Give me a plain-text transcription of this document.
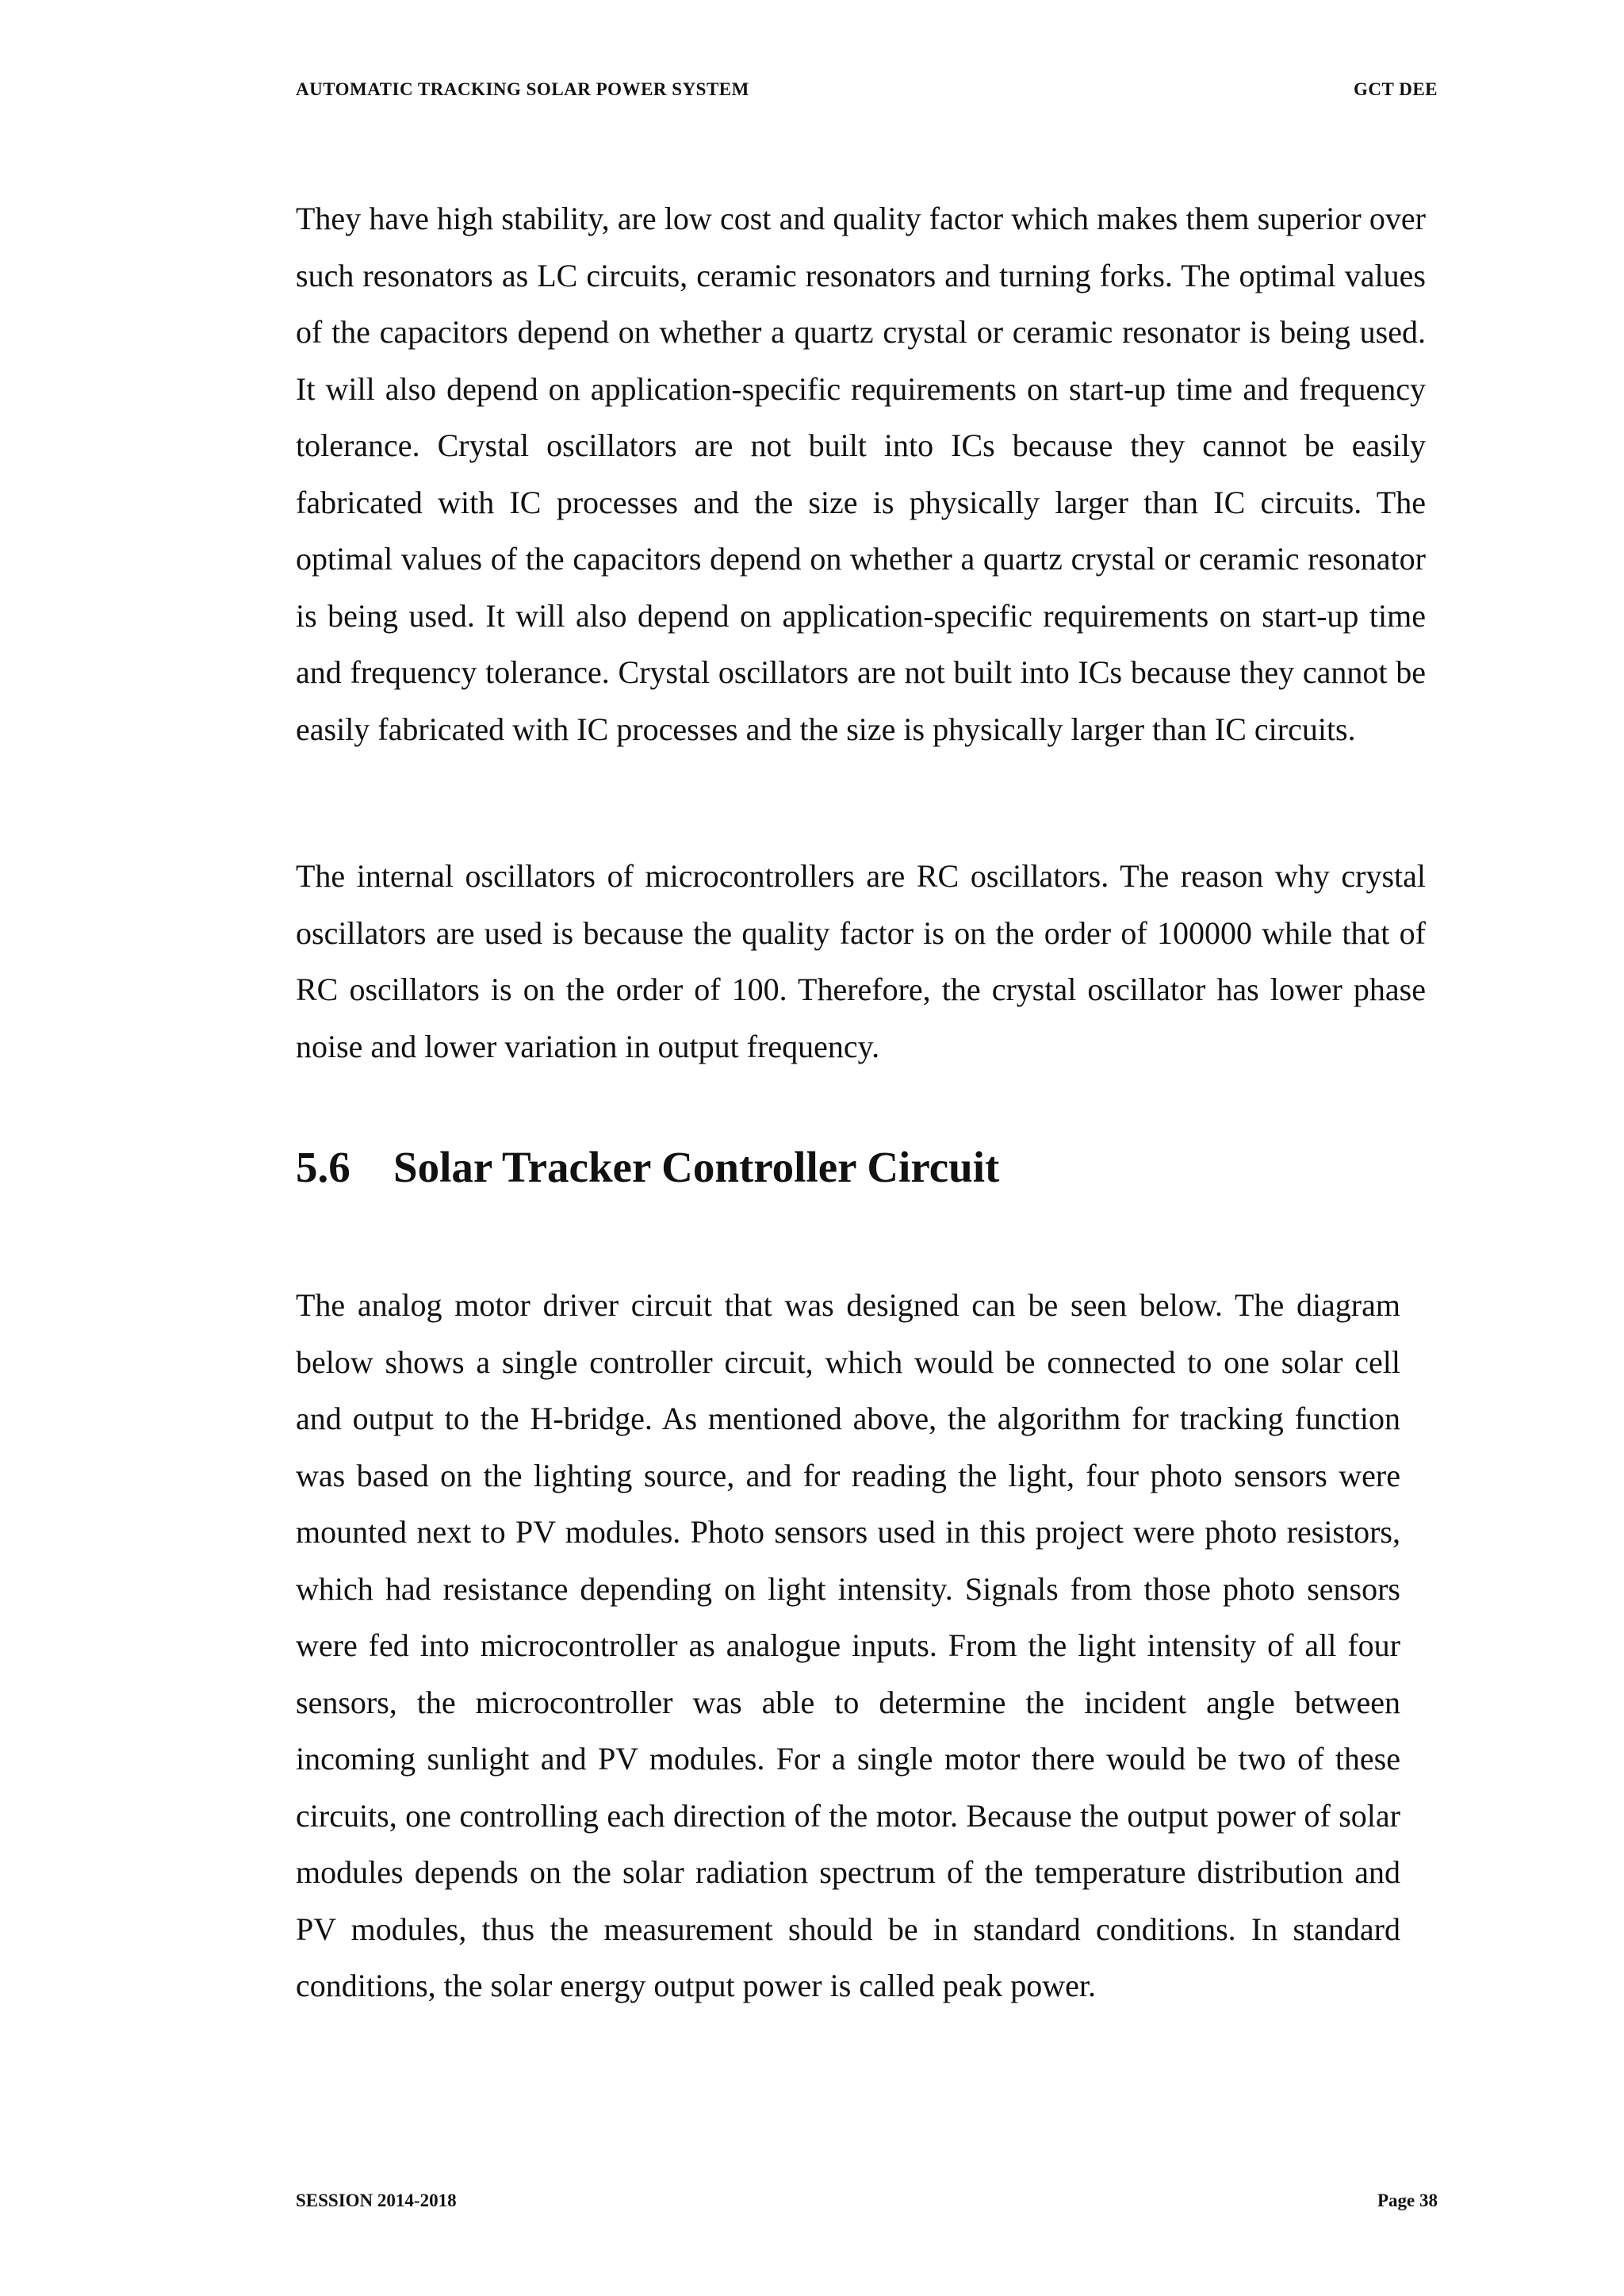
AUTOMATIC TRACKING SOLAR POWER SYSTEM	GCT DEE

They have high stability, are low cost and quality factor which makes them superior over such resonators as LC circuits, ceramic resonators and turning forks. The optimal values of the capacitors depend on whether a quartz crystal or ceramic resonator is being used. It will also depend on application-specific requirements on start-up time and frequency tolerance. Crystal oscillators are not built into ICs because they cannot be easily fabricated with IC processes and the size is physically larger than IC circuits. The optimal values of the capacitors depend on whether a quartz crystal or ceramic resonator is being used. It will also depend on application-specific requirements on start-up time and frequency tolerance. Crystal oscillators are not built into ICs because they cannot be easily fabricated with IC processes and the size is physically larger than IC circuits.

The internal oscillators of microcontrollers are RC oscillators. The reason why crystal oscillators are used is because the quality factor is on the order of 100000 while that of RC oscillators is on the order of 100. Therefore, the crystal oscillator has lower phase noise and lower variation in output frequency.

5.6 Solar Tracker Controller Circuit

The analog motor driver circuit that was designed can be seen below. The diagram below shows a single controller circuit, which would be connected to one solar cell and output to the H-bridge. As mentioned above, the algorithm for tracking function was based on the lighting source, and for reading the light, four photo sensors were mounted next to PV modules. Photo sensors used in this project were photo resistors, which had resistance depending on light intensity. Signals from those photo sensors were fed into microcontroller as analogue inputs. From the light intensity of all four sensors, the microcontroller was able to determine the incident angle between incoming sunlight and PV modules. For a single motor there would be two of these circuits, one controlling each direction of the motor. Because the output power of solar modules depends on the solar radiation spectrum of the temperature distribution and PV modules, thus the measurement should be in standard conditions. In standard conditions, the solar energy output power is called peak power.

SESSION 2014-2018	Page 38
